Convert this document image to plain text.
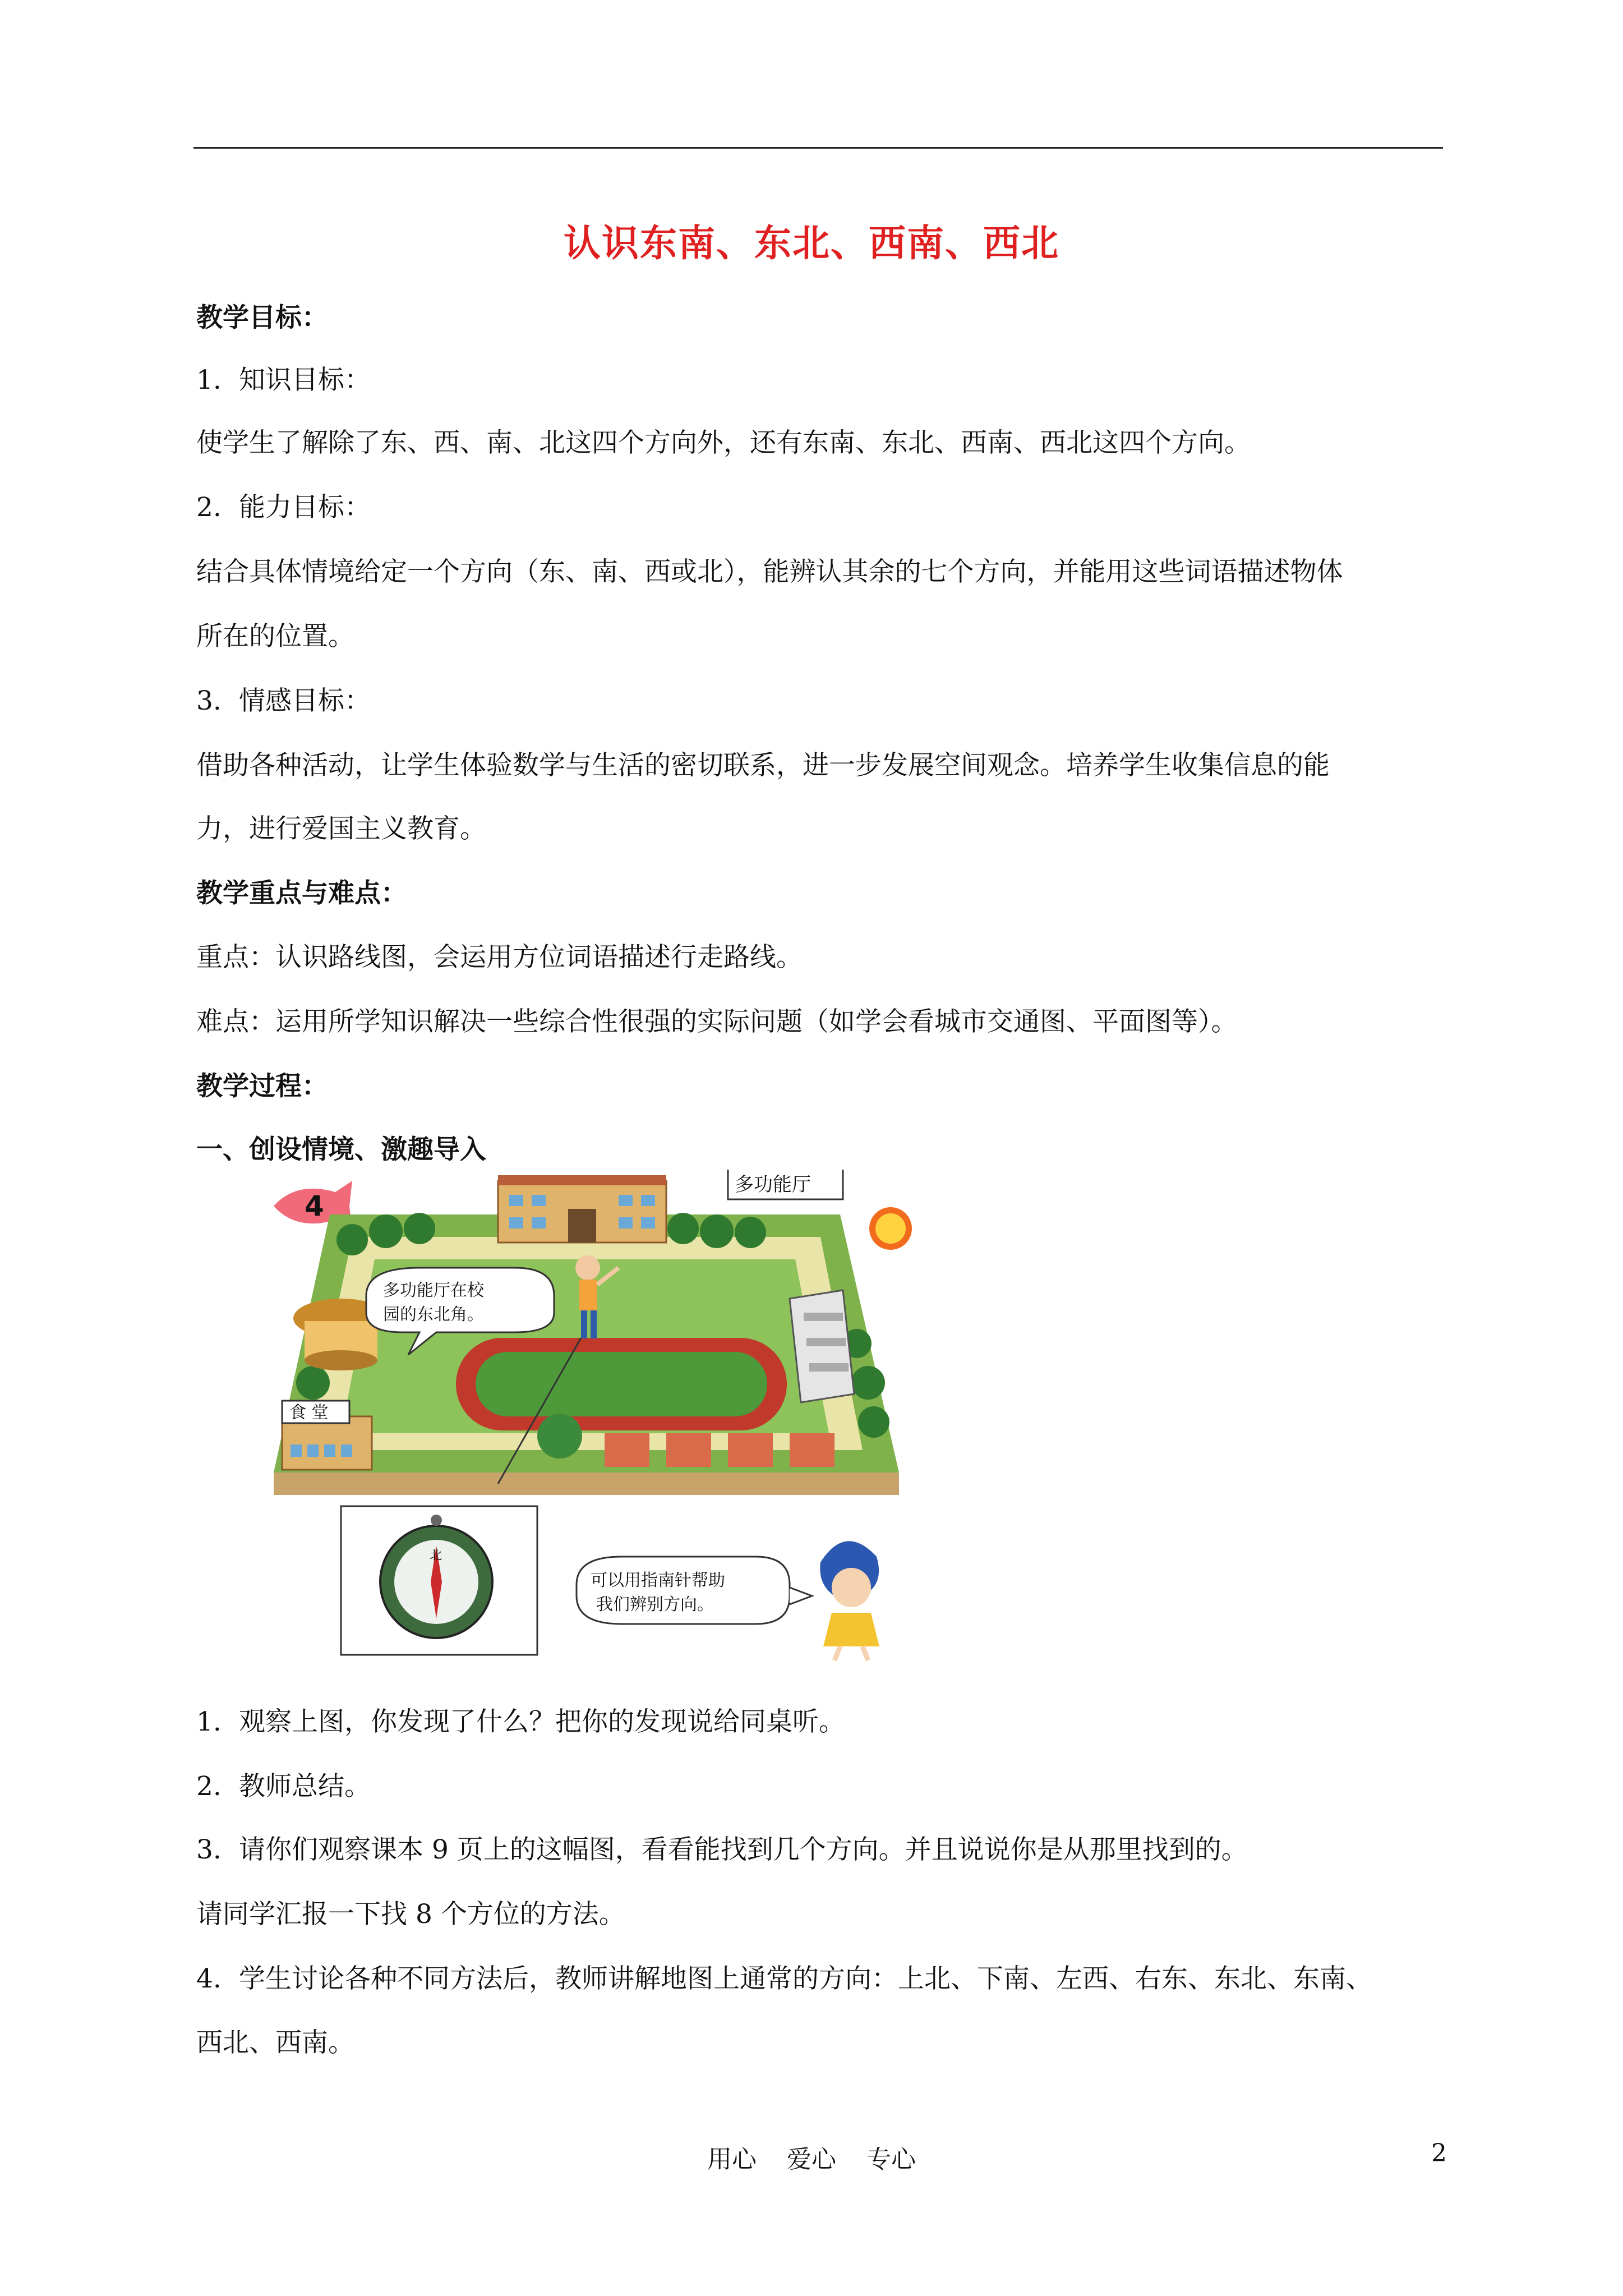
认识东南、东北、西南、西北
教学目标：
1. 知识目标：
使学生了解除了东、西、南、北这四个方向外，还有东南、东北、西南、西北这四个方向。
2. 能力目标：
结合具体情境给定一个方向（东、南、西或北），能辨认其余的七个方向，并能用这些词语描述物体
所在的位置。
3. 情感目标：
借助各种活动，让学生体验数学与生活的密切联系，进一步发展空间观念。培养学生收集信息的能
力，进行爱国主义教育。
教学重点与难点：
重点：认识路线图，会运用方位词语描述行走路线。
难点：运用所学知识解决一些综合性很强的实际问题（如学会看城市交通图、平面图等）。
教学过程：
一、创设情境、激趣导入
4
多功能厅
多功能厅在校
园的东北角。
食 堂
北
可以用指南针帮助
我们辨别方向。
1. 观察上图，你发现了什么？把你的发现说给同桌听。
2. 教师总结。
3. 请你们观察课本 9 页上的这幅图，看看能找到几个方向。并且说说你是从那里找到的。
请同学汇报一下找 8 个方位的方法。
4. 学生讨论各种不同方法后，教师讲解地图上通常的方向：上北、下南、左西、右东、东北、东南、
西北、西南。
用心 爱心 专心	2
